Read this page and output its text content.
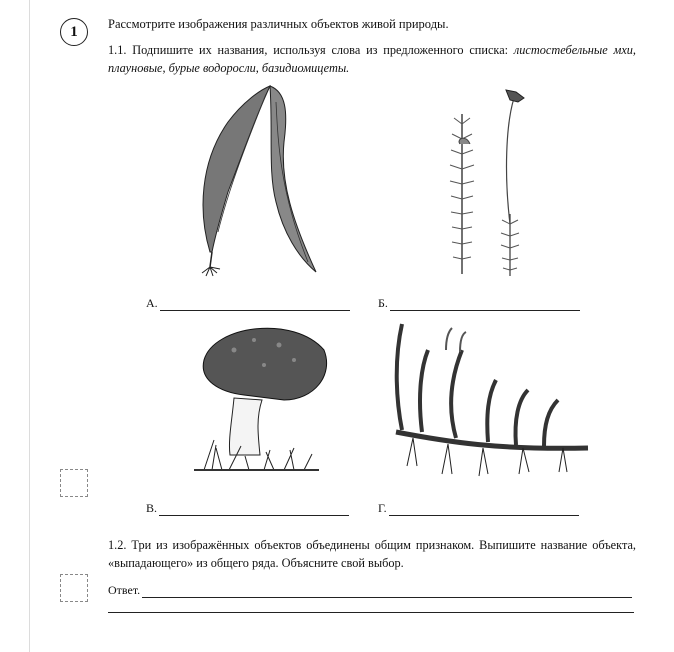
1	Рассмотрите изображения различных объектов живой природы.
1.1. Подпишите их названия, используя слова из предложенного списка: листостебельные мхи, плауновые, бурые водоросли, базидиомицеты.
А.	Б.
В.	Г.
1.2. Три из изображённых объектов объединены общим признаком. Выпишите название объекта, «выпадающего» из общего ряда. Объясните свой выбор.
Ответ.
